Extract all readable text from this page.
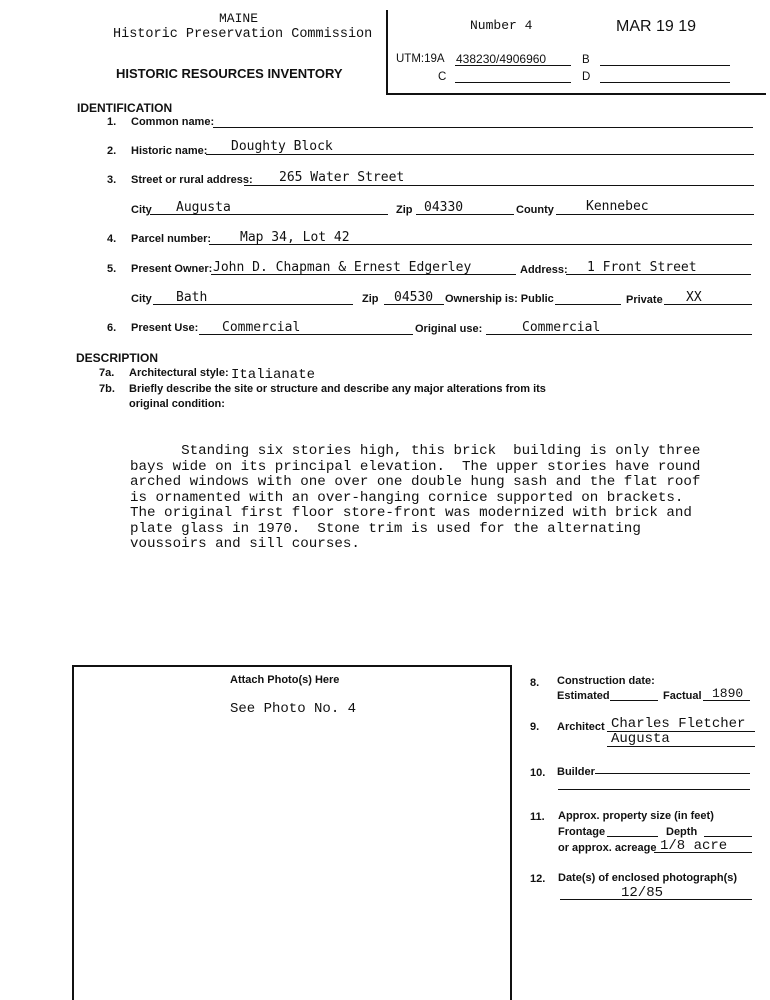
MAINE
Historic Preservation Commission
HISTORIC RESOURCES INVENTORY
Number 4	MAR 19 19
UTM:19A 438230/4906960	B
C	D
IDENTIFICATION
1. Common name:
2. Historic name: Doughty Block
3. Street or rural address: 265 Water Street
City Augusta	Zip 04330	County Kennebec
4. Parcel number: Map 34, Lot 42
5. Present Owner: John D. Chapman & Ernest Edgerley	Address: 1 Front Street
City Bath	Zip 04530 Ownership is: Public	Private XX
6. Present Use: Commercial	Original use:	Commercial
DESCRIPTION
7a. Architectural style: Italianate
7b. Briefly describe the site or structure and describe any major alterations from its
original condition:
Standing six stories high, this brick  building is only three
bays wide on its principal elevation.  The upper stories have round
arched windows with one over one double hung sash and the flat roof
is ornamented with an over-hanging cornice supported on brackets.
The original first floor store-front was modernized with brick and
plate glass in 1970.  Stone trim is used for the alternating
voussoirs and sill courses.
Attach Photo(s) Here
See Photo No. 4
8. Construction date:
Estimated	Factual 1890
9. Architect Charles Fletcher
Augusta
10. Builder
11. Approx. property size (in feet)
Frontage	Depth
or approx. acreage 1/8 acre
12. Date(s) of enclosed photograph(s)
12/85
